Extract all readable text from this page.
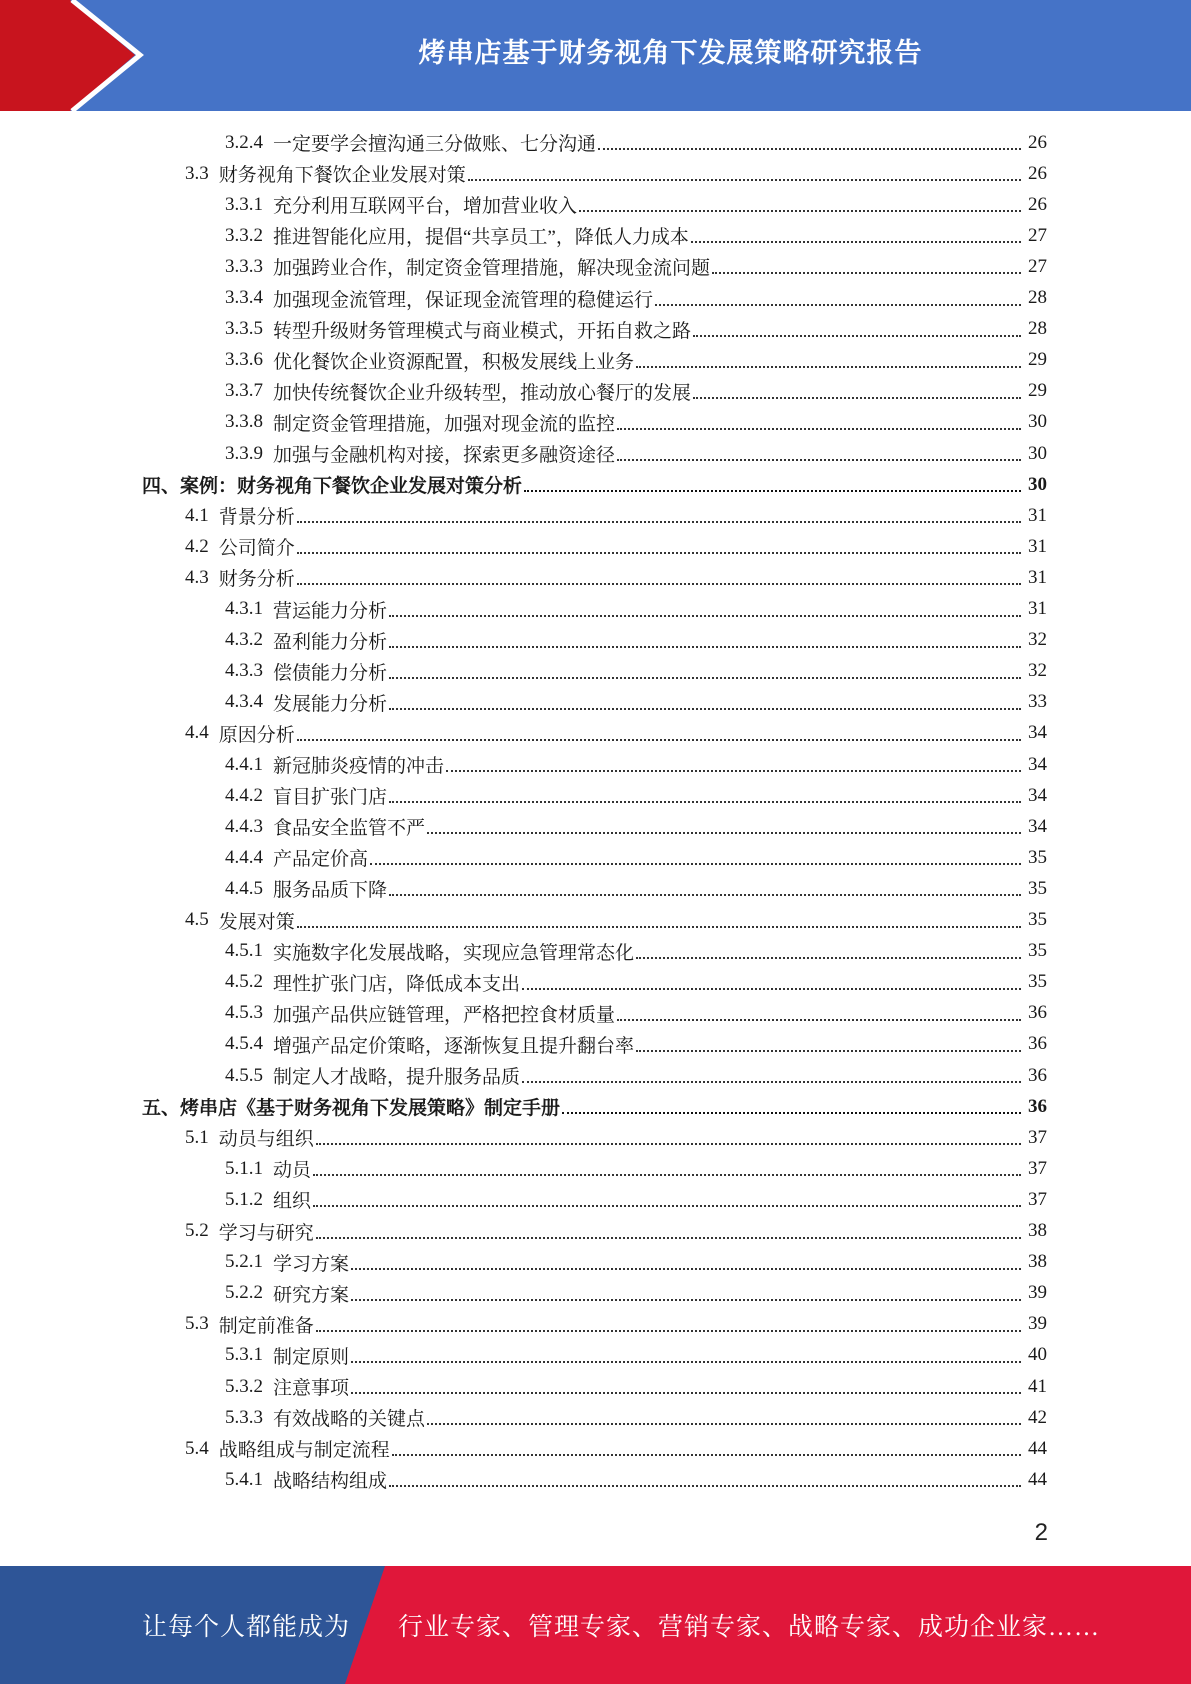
烤串店基于财务视角下发展策略研究报告
3.2.4 一定要学会擅沟通三分做账、七分沟通	26
3.3 财务视角下餐饮企业发展对策	26
3.3.1 充分利用互联网平台，增加营业收入	26
3.3.2 推进智能化应用，提倡“共享员工”，降低人力成本	27
3.3.3 加强跨业合作，制定资金管理措施，解决现金流问题	27
3.3.4 加强现金流管理，保证现金流管理的稳健运行	28
3.3.5 转型升级财务管理模式与商业模式，开拓自救之路	28
3.3.6 优化餐饮企业资源配置，积极发展线上业务	29
3.3.7 加快传统餐饮企业升级转型，推动放心餐厅的发展	29
3.3.8 制定资金管理措施，加强对现金流的监控	30
3.3.9 加强与金融机构对接，探索更多融资途径	30
四、案例：财务视角下餐饮企业发展对策分析	30
4.1 背景分析	31
4.2 公司简介	31
4.3 财务分析	31
4.3.1 营运能力分析	31
4.3.2 盈利能力分析	32
4.3.3 偿债能力分析	32
4.3.4 发展能力分析	33
4.4 原因分析	34
4.4.1 新冠肺炎疫情的冲击	34
4.4.2 盲目扩张门店	34
4.4.3 食品安全监管不严	34
4.4.4 产品定价高	35
4.4.5 服务品质下降	35
4.5 发展对策	35
4.5.1 实施数字化发展战略，实现应急管理常态化	35
4.5.2 理性扩张门店，降低成本支出	35
4.5.3 加强产品供应链管理，严格把控食材质量	36
4.5.4 增强产品定价策略，逐渐恢复且提升翻台率	36
4.5.5 制定人才战略，提升服务品质	36
五、烤串店《基于财务视角下发展策略》制定手册	36
5.1 动员与组织	37
5.1.1 动员	37
5.1.2 组织	37
5.2 学习与研究	38
5.2.1 学习方案	38
5.2.2 研究方案	39
5.3 制定前准备	39
5.3.1 制定原则	40
5.3.2 注意事项	41
5.3.3 有效战略的关键点	42
5.4 战略组成与制定流程	44
5.4.1 战略结构组成	44
2
让每个人都能成为 行业专家、管理专家、营销专家、战略专家、成功企业家……
